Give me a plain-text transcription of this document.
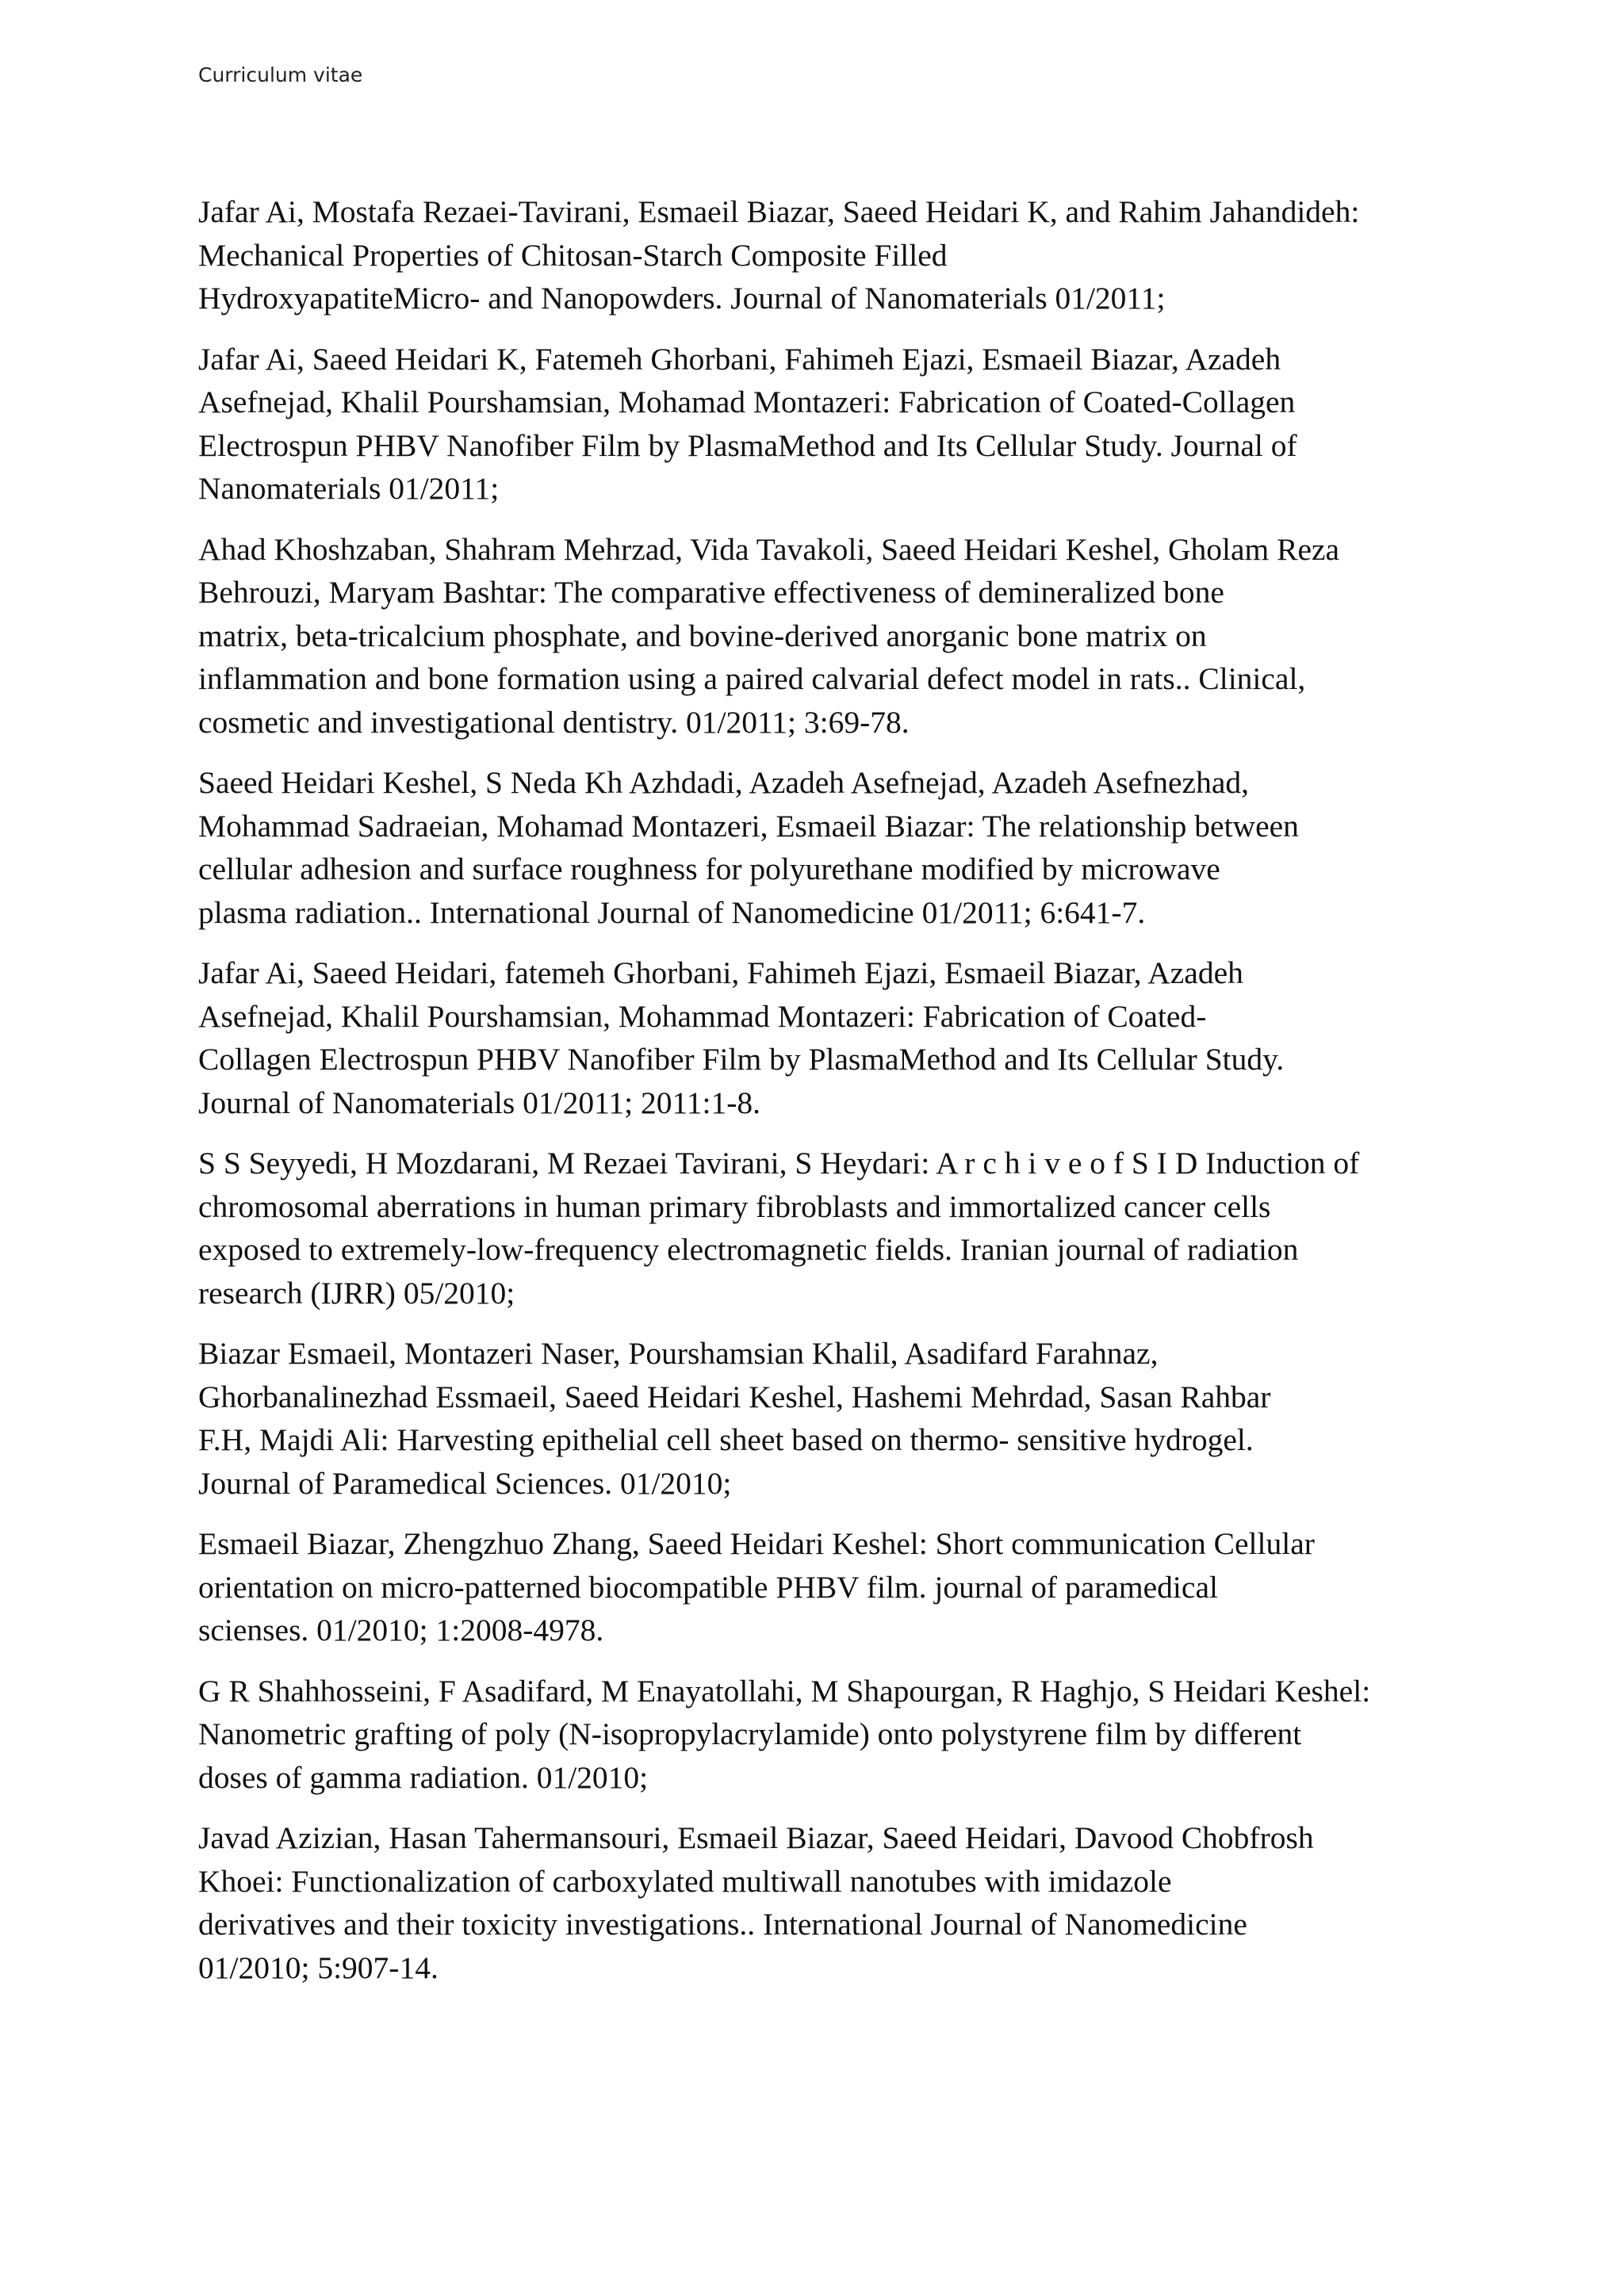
Curriculum vitae
Jafar Ai, Mostafa Rezaei-Tavirani, Esmaeil Biazar, Saeed Heidari K, and Rahim Jahandideh:
Mechanical Properties of Chitosan-Starch Composite Filled
HydroxyapatiteMicro- and Nanopowders. Journal of Nanomaterials 01/2011;
Jafar Ai, Saeed Heidari K, Fatemeh Ghorbani, Fahimeh Ejazi, Esmaeil Biazar, Azadeh
Asefnejad, Khalil Pourshamsian, Mohamad Montazeri: Fabrication of Coated-Collagen
Electrospun PHBV Nanofiber Film by PlasmaMethod and Its Cellular Study. Journal of
Nanomaterials 01/2011;
Ahad Khoshzaban, Shahram Mehrzad, Vida Tavakoli, Saeed Heidari Keshel, Gholam Reza
Behrouzi, Maryam Bashtar: The comparative effectiveness of demineralized bone
matrix, beta-tricalcium phosphate, and bovine-derived anorganic bone matrix on
inflammation and bone formation using a paired calvarial defect model in rats.. Clinical,
cosmetic and investigational dentistry. 01/2011; 3:69-78.
Saeed Heidari Keshel, S Neda Kh Azhdadi, Azadeh Asefnejad, Azadeh Asefnezhad,
Mohammad Sadraeian, Mohamad Montazeri, Esmaeil Biazar: The relationship between
cellular adhesion and surface roughness for polyurethane modified by microwave
plasma radiation.. International Journal of Nanomedicine 01/2011; 6:641-7.
Jafar Ai, Saeed Heidari, fatemeh Ghorbani, Fahimeh Ejazi, Esmaeil Biazar, Azadeh
Asefnejad, Khalil Pourshamsian, Mohammad Montazeri: Fabrication of Coated-
Collagen Electrospun PHBV Nanofiber Film by PlasmaMethod and Its Cellular Study.
Journal of Nanomaterials 01/2011; 2011:1-8.
S S Seyyedi, H Mozdarani, M Rezaei Tavirani, S Heydari: A r c h i v e o f S I D Induction of
chromosomal aberrations in human primary fibroblasts and immortalized cancer cells
exposed to extremely-low-frequency electromagnetic fields. Iranian journal of radiation
research (IJRR) 05/2010;
Biazar Esmaeil, Montazeri Naser, Pourshamsian Khalil, Asadifard Farahnaz,
Ghorbanalinezhad Essmaeil, Saeed Heidari Keshel, Hashemi Mehrdad, Sasan Rahbar
F.H, Majdi Ali: Harvesting epithelial cell sheet based on thermo- sensitive hydrogel.
Journal of Paramedical Sciences. 01/2010;
Esmaeil Biazar, Zhengzhuo Zhang, Saeed Heidari Keshel: Short communication Cellular
orientation on micro-patterned biocompatible PHBV film. journal of paramedical
scienses. 01/2010; 1:2008-4978.
G R Shahhosseini, F Asadifard, M Enayatollahi, M Shapourgan, R Haghjo, S Heidari Keshel:
Nanometric grafting of poly (N-isopropylacrylamide) onto polystyrene film by different
doses of gamma radiation. 01/2010;
Javad Azizian, Hasan Tahermansouri, Esmaeil Biazar, Saeed Heidari, Davood Chobfrosh
Khoei: Functionalization of carboxylated multiwall nanotubes with imidazole
derivatives and their toxicity investigations.. International Journal of Nanomedicine
01/2010; 5:907-14.
